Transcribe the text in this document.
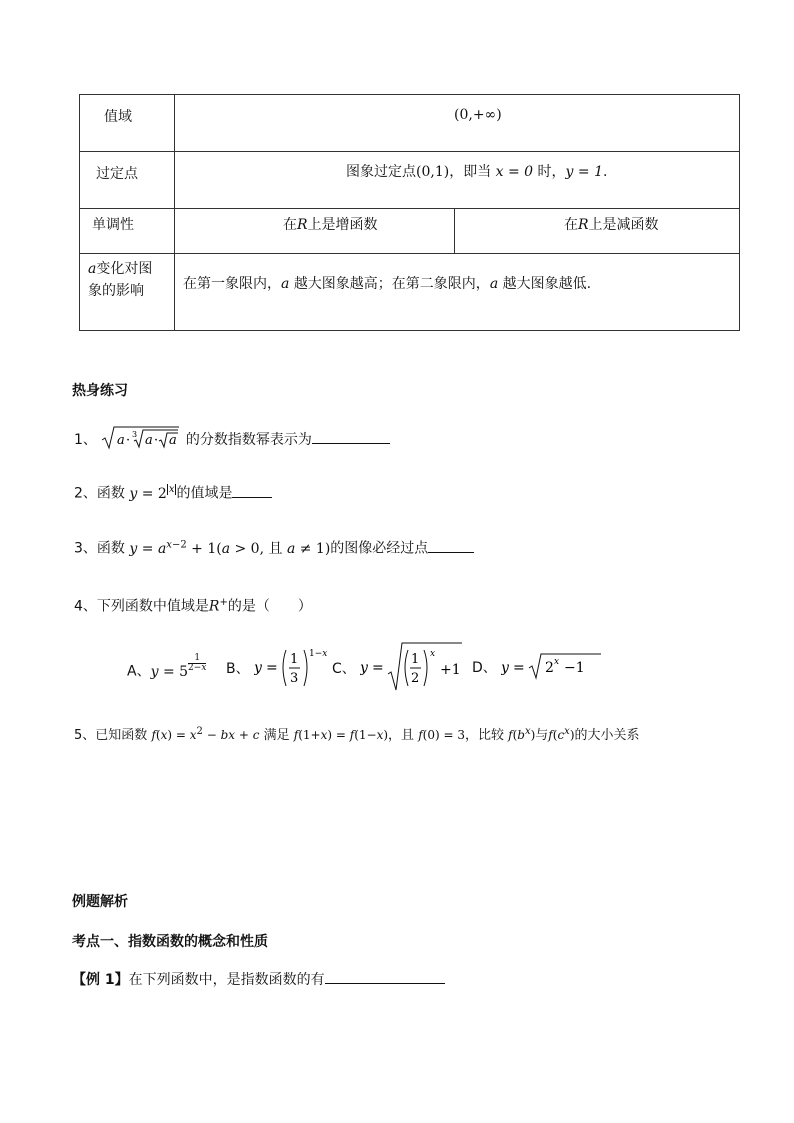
值域	(0,+∞)
过定点	图象过定点(0,1)，即当 x = 0 时，y = 1.
单调性	在R上是增函数	在R上是减函数
a变化对图
象的影响	在第一象限内，a 越大图象越高；在第二象限内，a 越大图象越低.
热身练习
1、 a · 3 a · a 的分数指数幂表示为
2、函数 y = 2 $^x$ 的值域是
3、函数 $y = a^{x-2} + 1(a > 0$, 且 a ≠ 1)的图像必经过点
4、下列函数中值域是R+的是（　　）
A、y = 5 $^{\frac{1}{2-x}}$ B、 y =
1
3
1−x
C、 y =
1
2
x
+1 D、 y = 2 x −1
5、已知函数 $f(x) = x^2$ − bx + c 满足 f(1+x) = f(1−x)，且 f(0) = 3，比较 $f(b^x)$与$f(c^x)$的大小关系
例题解析
考点一、指数函数的概念和性质
【例 1】在下列函数中，是指数函数的有
